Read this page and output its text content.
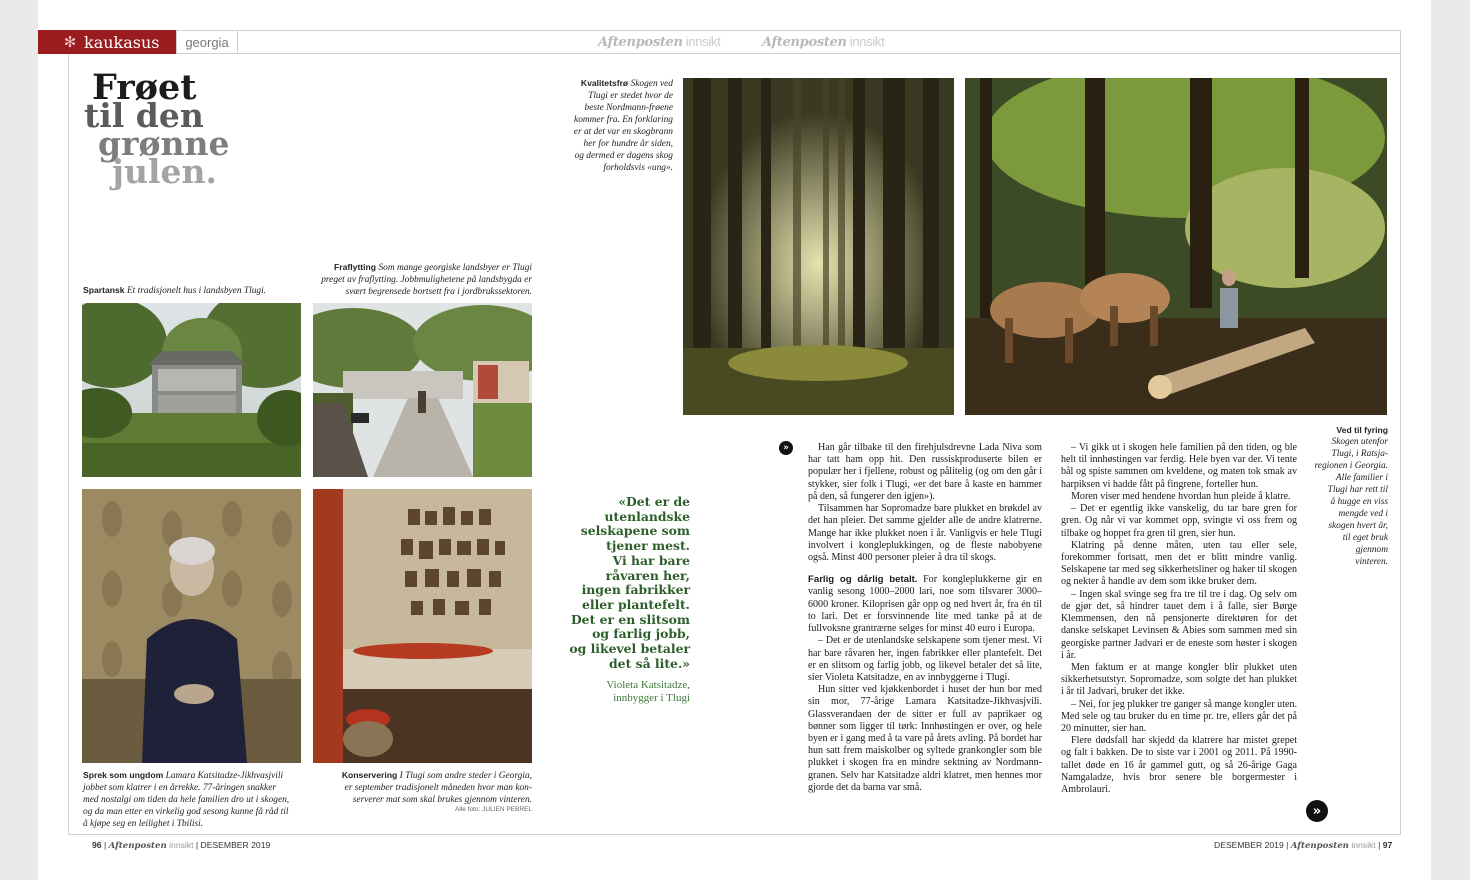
✻ kaukasus	georgia	Aftenposten innsikt	Aftenposten innsikt
Frøet
til den
grønne
julen.
Fraflytting Som mange georgiske landsbyer er Tlugi
preget av fraflytting. Jobbmulighetene på landsbygda er
svært begrensede bortsett fra i jordbrukssektoren.
Spartansk Et tradisjonelt hus i landsbyen Tlugi.
Sprek som ungdom Lamara Katsitadze-Jikhvasjvili
jobbet som klatrer i en årrekke. 77-åringen snakker
med nostalgi om tiden da hele familien dro ut i skogen,
og da man etter en virkelig god sesong kunne få råd til
å kjøpe seg en leilighet i Tbilisi.
Konservering I Tlugi som andre steder i Georgia,
er september tradisjonelt måneden hvor man kon-
serverer mat som skal brukes gjennom vinteren.
Alle foto: JULIEN PEBREL
Kvalitetsfrø Skogen ved
Tlugi er stedet hvor de
beste Nordmann-frøene
kommer fra. En forklaring
er at det var en skogbrann
her for hundre år siden,
og dermed er dagens skog
forholdsvis «ung».
Ved til fyring
Skogen utenfor
Tlugi, i Ratsja-
regionen i Georgia.
Alle familier i
Tlugi har rett til
å hugge en viss
mengde ved i
skogen hvert år,
til eget bruk
gjennom
vinteren.
«Det er de
utenlandske
selskapene som
tjener mest.
Vi har bare
råvaren her,
ingen fabrikker
eller plantefelt.
Det er en slitsom
og farlig jobb,
og likevel betaler
det så lite.»
Violeta Katsitadze,
innbygger i Tlugi
»	Han går tilbake til den firehjulsdrevne Lada Niva som har tatt ham opp hit. Den russiskproduserte bilen er populær her i fjellene, robust og pålitelig (og om den går i stykker, sier folk i Tlugi, «er det bare å kaste en hammer på den, så fungerer den igjen»).

Tilsammen har Sopromadze bare plukket en brøkdel av det han pleier. Det samme gjelder alle de andre klatrerne. Mange har ikke plukket noen i år. Vanligvis er hele Tlugi involvert i kongleplukkingen, og de fleste nabobyene også. Minst 400 personer pleier å dra til skogs.

Farlig og dårlig betalt. For kongleplukkerne gir en vanlig sesong 1000–2000 lari, noe som tilsvarer 3000–6000 kroner. Kiloprisen går opp og ned hvert år, fra én til to lari. Det er forsvinnende lite med tanke på at de fullvoksne grantrærne selges for minst 40 euro i Europa.

– Det er de utenlandske selskapene som tjener mest. Vi har bare råvaren her, ingen fabrikker eller plantefelt. Det er en slitsom og farlig jobb, og likevel betaler det så lite, sier Violeta Katsitadze, en av innbyggerne i Tlugi.

Hun sitter ved kjøkkenbordet i huset der hun bor med sin mor, 77-årige Lamara Katsitadze-Jikhvasjvili. Glassverandaen der de sitter er full av paprikaer og bønner som ligger til tørk: Innhøstingen er over, og hele byen er i gang med å ta vare på årets avling. På bordet har hun satt frem maiskolber og syltede grankongler som ble plukket i skogen fra en mindre sektning av Nordmann-granen. Selv har Katsitadze aldri klatret, men hennes mor gjorde det da barna var små.

– Vi gikk ut i skogen hele familien på den tiden, og ble helt til innhøstingen var ferdig. Hele byen var der. Vi tente bål og spiste sammen om kveldene, og maten tok smak av harpiksen vi hadde fått på fingrene, forteller hun.

Moren viser med hendene hvordan hun pleide å klatre.

– Det er egentlig ikke vanskelig, du tar bare gren for gren. Og når vi var kommet opp, svingte vi oss frem og tilbake og hoppet fra gren til gren, sier hun.

Klatring på denne måten, uten tau eller sele, forekommer fortsatt, men det er blitt mindre vanlig. Selskapene tar med seg sikkerhetsliner og haker til skogen og nekter å handle av dem som ikke bruker dem.

– Ingen skal svinge seg fra tre til tre i dag. Og selv om de gjør det, så hindrer tauet dem i å falle, sier Børge Klemmensen, den nå pensjonerte direktøren for det danske selskapet Levinsen & Abies som sammen med sin georgiske partner Jadvari er de eneste som høster i skogen i år.

Men faktum er at mange kongler blir plukket uten sikkerhetsutstyr. Sopromadze, som solgte det han plukket i år til Jadvari, bruker det ikke.

– Nei, for jeg plukker tre ganger så mange kongler uten. Med sele og tau bruker du en time pr. tre, ellers går det på 20 minutter, sier han.

Flere dødsfall har skjedd da klatrere har mistet grepet og falt i bakken. De to siste var i 2001 og 2011. På 1990-tallet døde en 16 år gammel gutt, og så 26-årige Gaga Namgaladze, hvis bror senere ble borgermester i Ambrolauri.

»
96 | Aftenposten innsikt | DESEMBER 2019	DESEMBER 2019 | Aftenposten innsikt | 97
